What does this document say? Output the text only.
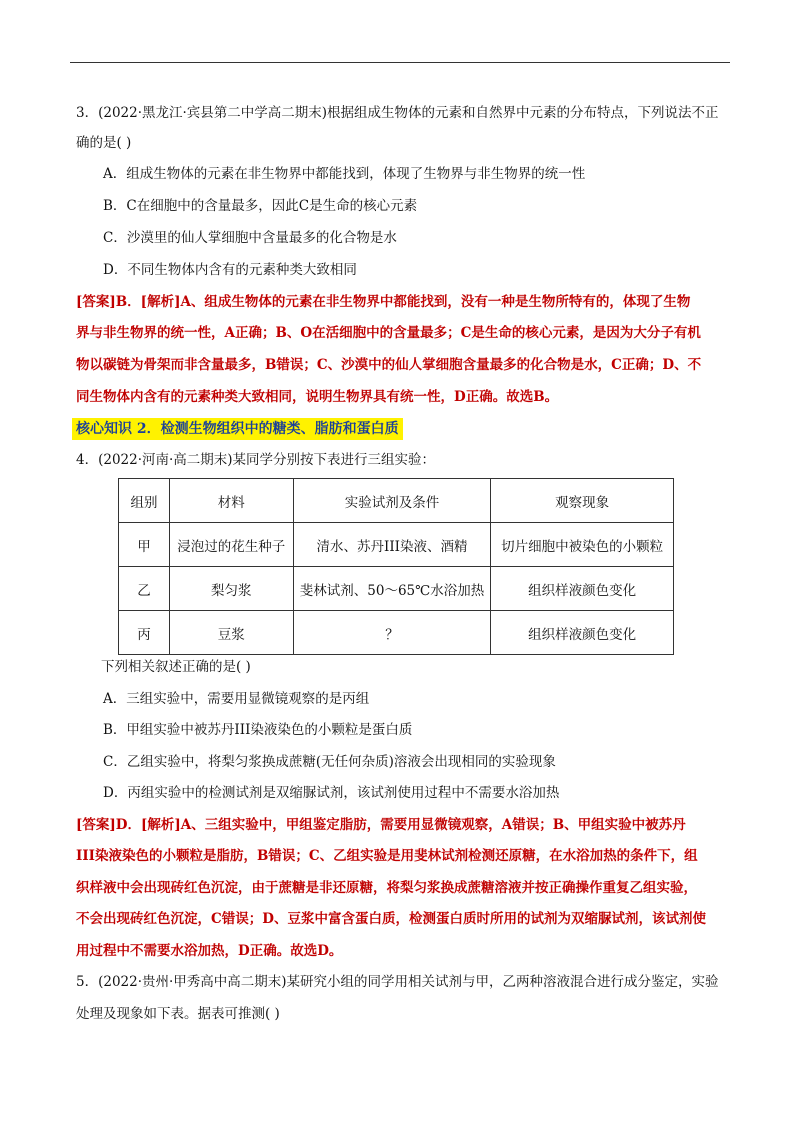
3．(2022·黑龙江·宾县第二中学高二期末)根据组成生物体的元素和自然界中元素的分布特点，下列说法不正
确的是( )
A．组成生物体的元素在非生物界中都能找到，体现了生物界与非生物界的统一性
B．C在细胞中的含量最多，因此C是生命的核心元素
C．沙漠里的仙人掌细胞中含量最多的化合物是水
D．不同生物体内含有的元素种类大致相同
[答案]B．[解析]A、组成生物体的元素在非生物界中都能找到，没有一种是生物所特有的，体现了生物
界与非生物界的统一性，A正确；B、O在活细胞中的含量最多；C是生命的核心元素，是因为大分子有机
物以碳链为骨架而非含量最多，B错误；C、沙漠中的仙人掌细胞含量最多的化合物是水，C正确；D、不
同生物体内含有的元素种类大致相同，说明生物界具有统一性，D正确。故选B。
核心知识 2．检测生物组织中的糖类、脂肪和蛋白质
4．(2022·河南·高二期末)某同学分别按下表进行三组实验：
组别	材料	实验试剂及条件	观察现象
甲	浸泡过的花生种子	清水、苏丹III染液、酒精	切片细胞中被染色的小颗粒
乙	梨匀浆	斐林试剂、50～65℃水浴加热	组织样液颜色变化
丙	豆浆	？	组织样液颜色变化
下列相关叙述正确的是( )
A．三组实验中，需要用显微镜观察的是丙组
B．甲组实验中被苏丹III染液染色的小颗粒是蛋白质
C．乙组实验中，将梨匀浆换成蔗糖(无任何杂质)溶液会出现相同的实验现象
D．丙组实验中的检测试剂是双缩脲试剂，该试剂使用过程中不需要水浴加热
[答案]D．[解析]A、三组实验中，甲组鉴定脂肪，需要用显微镜观察，A错误；B、甲组实验中被苏丹
III染液染色的小颗粒是脂肪，B错误；C、乙组实验是用斐林试剂检测还原糖，在水浴加热的条件下，组
织样液中会出现砖红色沉淀，由于蔗糖是非还原糖，将梨匀浆换成蔗糖溶液并按正确操作重复乙组实验，
不会出现砖红色沉淀，C错误；D、豆浆中富含蛋白质，检测蛋白质时所用的试剂为双缩脲试剂，该试剂使
用过程中不需要水浴加热，D正确。故选D。
5．(2022·贵州·甲秀高中高二期末)某研究小组的同学用相关试剂与甲，乙两种溶液混合进行成分鉴定，实验
处理及现象如下表。据表可推测( )
